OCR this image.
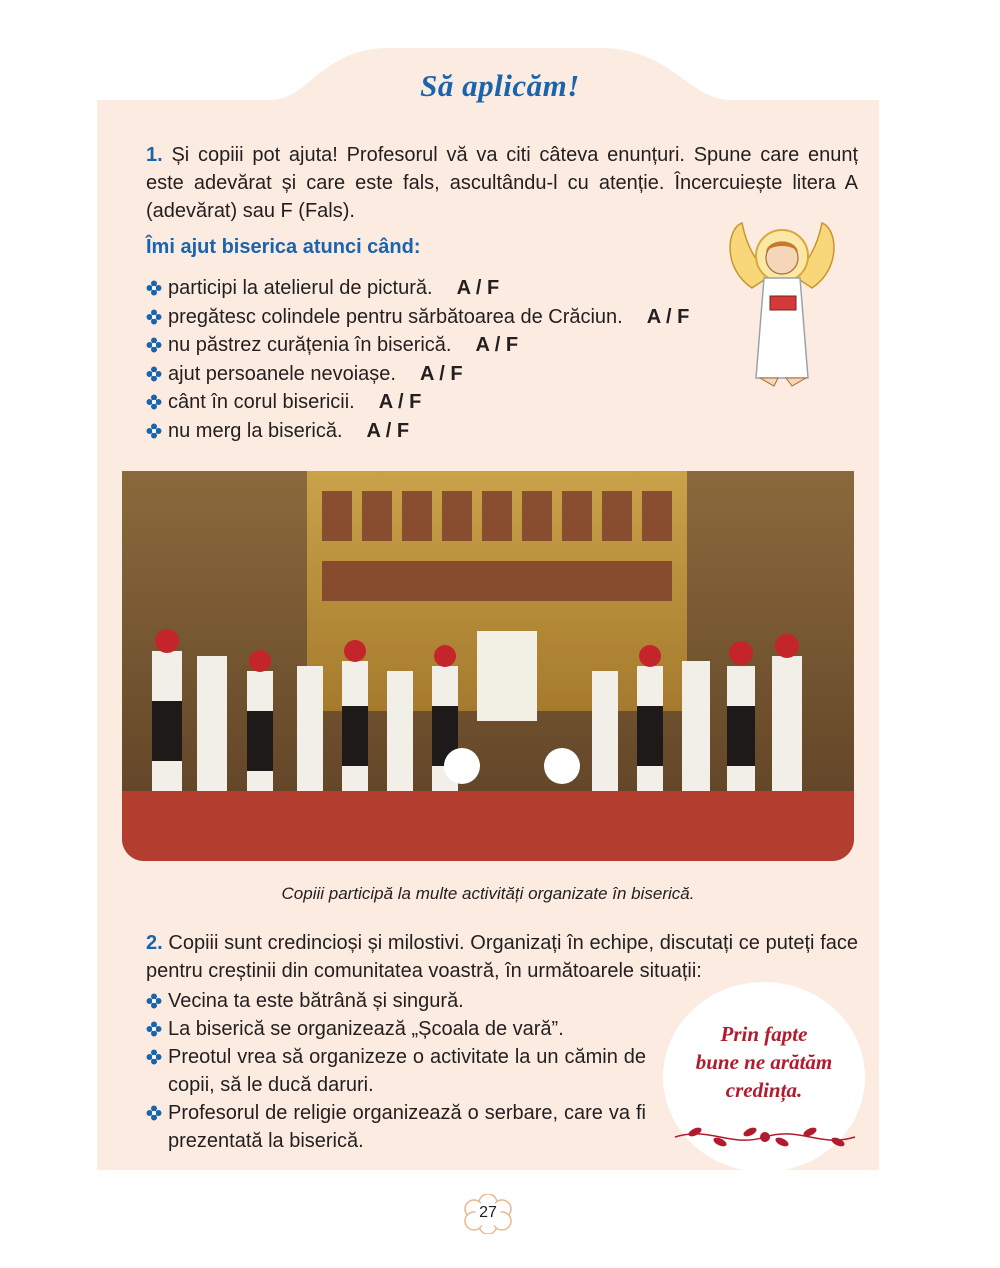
Să aplicăm!
1. Și copiii pot ajuta! Profesorul vă va citi câteva enunțuri. Spune care enunț este adevărat și care este fals, ascultându-l cu atenție. Încercuiește litera A (adevărat) sau F (Fals).
Îmi ajut biserica atunci când:
participi la atelierul de pictură. A / F
pregătesc colindele pentru sărbătoarea de Crăciun. A / F
nu păstrez curățenia în biserică. A / F
ajut persoanele nevoiașe. A / F
cânt în corul bisericii. A / F
nu merg la biserică. A / F
Copiii participă la multe activități organizate în biserică.
2. Copiii sunt credincioși și milostivi. Organizați în echipe, discutați ce puteți face pentru creștinii din comunitatea voastră, în următoarele situații:
Vecina ta este bătrână și singură.
La biserică se organizează „Școala de vară”.
Preotul vrea să organizeze o activitate la un cămin de copii, să le ducă daruri.
Profesorul de religie organizează o serbare, care va fi prezentată la biserică.
Prin fapte
bune ne arătăm
credința.
27
